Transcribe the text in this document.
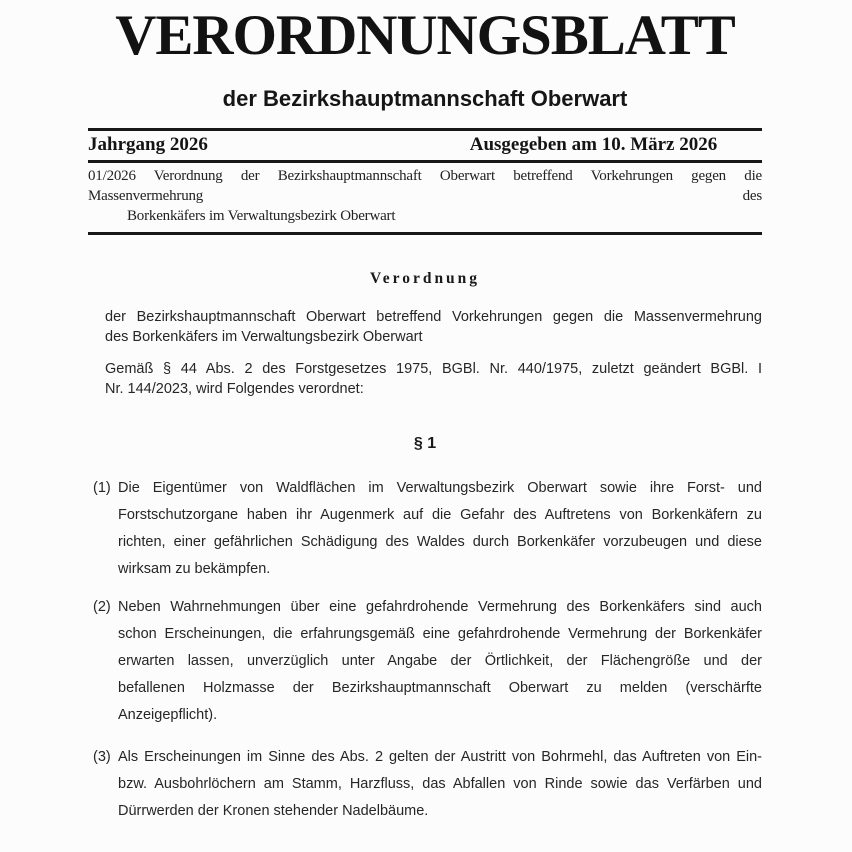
VERORDNUNGSBLATT
der Bezirkshauptmannschaft Oberwart
Jahrgang 2026	Ausgegeben am 10. März 2026
01/2026 Verordnung der Bezirkshauptmannschaft Oberwart betreffend Vorkehrungen gegen die Massenvermehrung des
Borkenkäfers im Verwaltungsbezirk Oberwart
Verordnung
der Bezirkshauptmannschaft Oberwart betreffend Vorkehrungen gegen die Massenvermehrung
des Borkenkäfers im Verwaltungsbezirk Oberwart
Gemäß § 44 Abs. 2 des Forstgesetzes 1975, BGBl. Nr. 440/1975, zuletzt geändert BGBl. I
Nr. 144/2023, wird Folgendes verordnet:
§ 1
(1) Die Eigentümer von Waldflächen im Verwaltungsbezirk Oberwart sowie ihre Forst- und
Forstschutzorgane haben ihr Augenmerk auf die Gefahr des Auftretens von Borkenkäfern zu
richten, einer gefährlichen Schädigung des Waldes durch Borkenkäfer vorzubeugen und diese
wirksam zu bekämpfen.
(2) Neben Wahrnehmungen über eine gefahrdrohende Vermehrung des Borkenkäfers sind auch
schon Erscheinungen, die erfahrungsgemäß eine gefahrdrohende Vermehrung der Borkenkäfer
erwarten lassen, unverzüglich unter Angabe der Örtlichkeit, der Flächengröße und der
befallenen Holzmasse der Bezirkshauptmannschaft Oberwart zu melden (verschärfte
Anzeigepflicht).
(3) Als Erscheinungen im Sinne des Abs. 2 gelten der Austritt von Bohrmehl, das Auftreten von Ein-
bzw. Ausbohrlöchern am Stamm, Harzfluss, das Abfallen von Rinde sowie das Verfärben und
Dürrwerden der Kronen stehender Nadelbäume.
